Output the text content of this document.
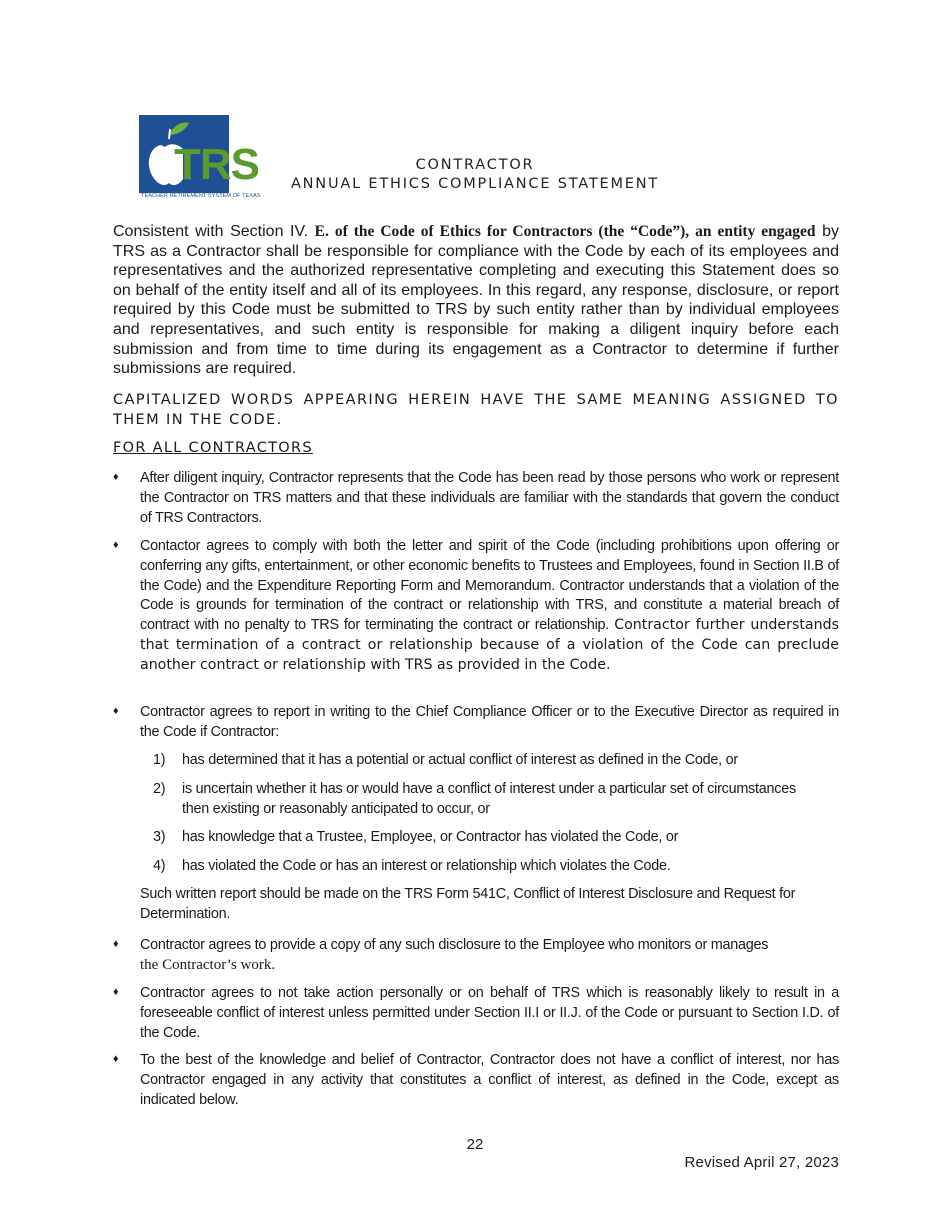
TRS
TEACHER RETIREMENT SYSTEM OF TEXAS
CONTRACTOR
ANNUAL ETHICS COMPLIANCE STATEMENT
Consistent with Section IV. E. of the Code of Ethics for Contractors (the “Code”), an entity engaged by TRS as a Contractor shall be responsible for compliance with the Code by each of its employees and representatives and the authorized representative completing and executing this Statement does so on behalf of the entity itself and all of its employees. In this regard, any response, disclosure, or report required by this Code must be submitted to TRS by such entity rather than by individual employees and representatives, and such entity is responsible for making a diligent inquiry before each submission and from time to time during its engagement as a Contractor to determine if further submissions are required.
CAPITALIZED WORDS APPEARING HEREIN HAVE THE SAME MEANING ASSIGNED TO THEM IN THE CODE.
FOR ALL CONTRACTORS
♦ After diligent inquiry, Contractor represents that the Code has been read by those persons who work or represent the Contractor on TRS matters and that these individuals are familiar with the standards that govern the conduct of TRS Contractors.
♦ Contactor agrees to comply with both the letter and spirit of the Code (including prohibitions upon offering or conferring any gifts, entertainment, or other economic benefits to Trustees and Employees, found in Section II.B of the Code) and the Expenditure Reporting Form and Memorandum. Contractor understands that a violation of the Code is grounds for termination of the contract or relationship with TRS, and constitute a material breach of contract with no penalty to TRS for terminating the contract or relationship. Contractor further understands that termination of a contract or relationship because of a violation of the Code can preclude another contract or relationship with TRS as provided in the Code.
♦ Contractor agrees to report in writing to the Chief Compliance Officer or to the Executive Director as required in the Code if Contractor:
1) has determined that it has a potential or actual conflict of interest as defined in the Code, or
2) is uncertain whether it has or would have a conflict of interest under a particular set of circumstances then existing or reasonably anticipated to occur, or
3) has knowledge that a Trustee, Employee, or Contractor has violated the Code, or
4) has violated the Code or has an interest or relationship which violates the Code.
Such written report should be made on the TRS Form 541C, Conflict of Interest Disclosure and Request for Determination.
♦ Contractor agrees to provide a copy of any such disclosure to the Employee who monitors or manages
the Contractor’s work.
♦ Contractor agrees to not take action personally or on behalf of TRS which is reasonably likely to result in a foreseeable conflict of interest unless permitted under Section II.I or II.J. of the Code or pursuant to Section I.D. of the Code.
♦ To the best of the knowledge and belief of Contractor, Contractor does not have a conflict of interest, nor has Contractor engaged in any activity that constitutes a conflict of interest, as defined in the Code, except as indicated below.
22
Revised April 27, 2023
